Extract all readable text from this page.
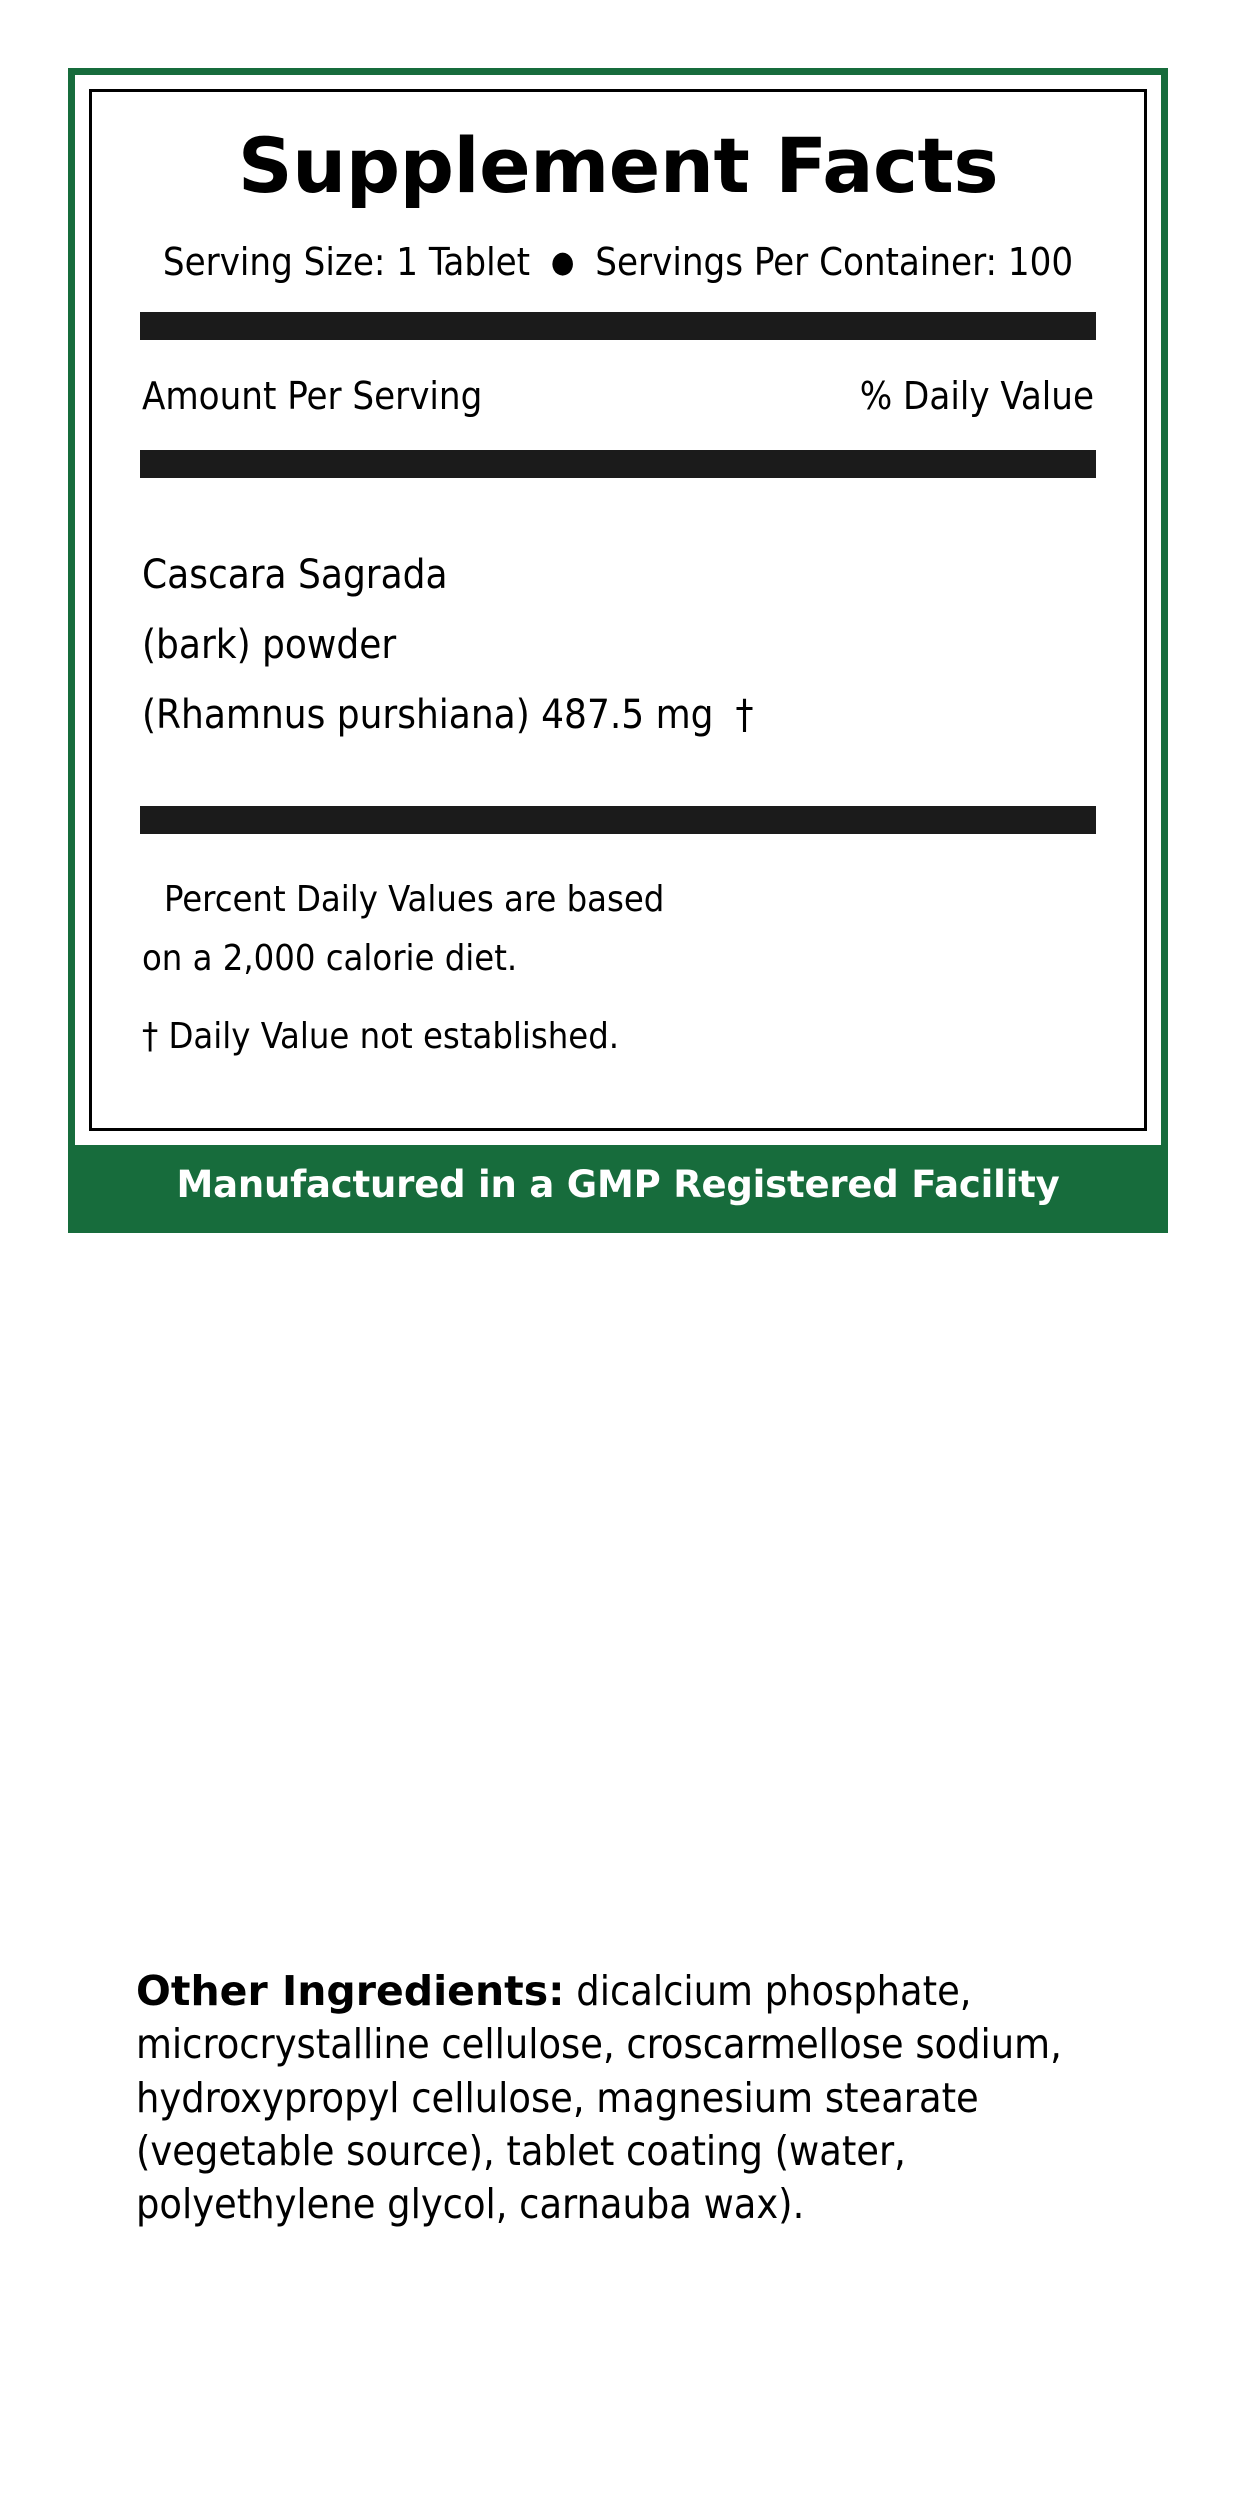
Supplement Facts
Serving Size: 1 Tablet ● Servings Per Container: 100
Amount Per Serving	% Daily Value
Cascara Sagrada
(bark) powder
(Rhamnus purshiana) 487.5 mg †

Percent Daily Values are based
on a 2,000 calorie diet.

† Daily Value not established.

Manufactured in a GMP Registered Facility
Other Ingredients: dicalcium phosphate, microcrystalline cellulose, croscarmellose sodium, hydroxypropyl cellulose, magnesium stearate (vegetable source), tablet coating (water, polyethylene glycol, carnauba wax).
